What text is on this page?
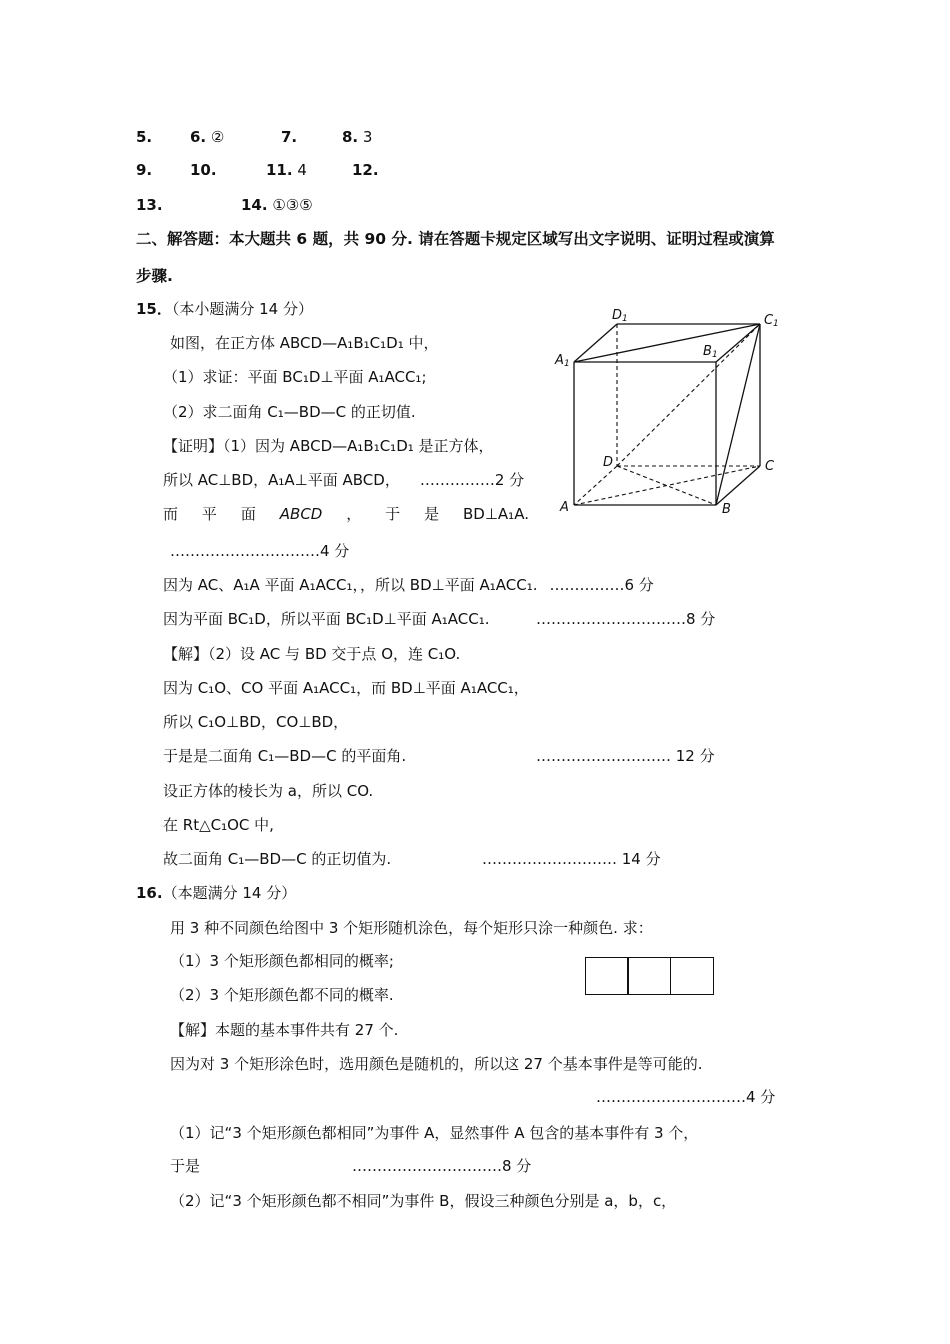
5.	6. ②	7.	8. 3
9.	10.	11. 4	12.
13.	14. ①③⑤
二、解答题：本大题共 6 题，共 90 分. 请在答题卡规定区域写出文字说明、证明过程或演算
步骤.
15．（本小题满分 14 分）
如图，在正方体 ABCD—A₁B₁C₁D₁ 中，
（1）求证：平面 BC₁D⊥平面 A₁ACC₁;
（2）求二面角 C₁—BD—C 的正切值.
【证明】（1）因为 ABCD—A₁B₁C₁D₁ 是正方体，
所以 AC⊥BD，A₁A⊥平面 ABCD， ……………2 分
而 平 面 ABCD ， 于 是 BD⊥A₁A.
…………………………4 分
因为 AC、A₁A 平面 A₁ACC₁，，所以 BD⊥平面 A₁ACC₁. ……………6 分
因为平面 BC₁D，所以平面 BC₁D⊥平面 A₁ACC₁.	…………………………8 分
【解】（2）设 AC 与 BD 交于点 O，连 C₁O.
因为 C₁O、CO 平面 A₁ACC₁，而 BD⊥平面 A₁ACC₁，
所以 C₁O⊥BD，CO⊥BD，
于是是二面角 C₁—BD—C 的平面角.	……………………… 12 分
设正方体的棱长为 a，所以 CO.
在 Rt△C₁OC 中,
故二面角 C₁—BD—C 的正切值为.	……………………… 14 分
D 1	C 1
A 1
B 1
D	C
A	B
16.（本题满分 14 分）
用 3 种不同颜色给图中 3 个矩形随机涂色，每个矩形只涂一种颜色. 求：
（1）3 个矩形颜色都相同的概率;
（2）3 个矩形颜色都不同的概率.
【解】本题的基本事件共有 27 个.
因为对 3 个矩形涂色时，选用颜色是随机的，所以这 27 个基本事件是等可能的.
…………………………4 分
（1）记“3 个矩形颜色都相同”为事件 A，显然事件 A 包含的基本事件有 3 个，
于是	…………………………8 分
（2）记“3 个矩形颜色都不相同”为事件 B，假设三种颜色分别是 a，b，c，
